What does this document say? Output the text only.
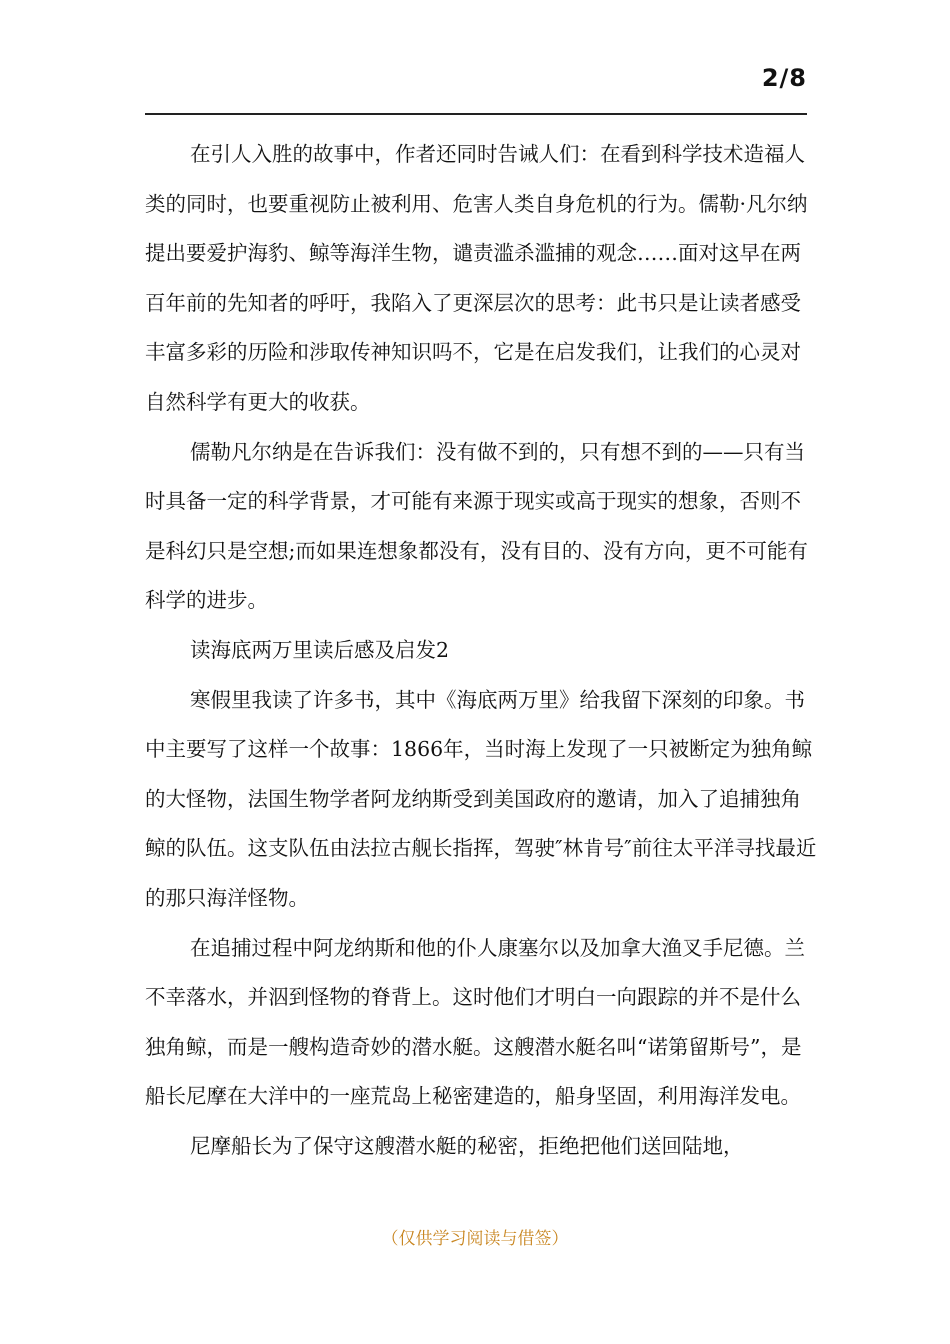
2/8

在引人入胜的故事中，作者还同时告诫人们：在看到科学技术造福人类的同时，也要重视防止被利用、危害人类自身危机的行为。儒勒·凡尔纳提出要爱护海豹、鲸等海洋生物，谴责滥杀滥捕的观念……面对这早在两百年前的先知者的呼吁，我陷入了更深层次的思考：此书只是让读者感受丰富多彩的历险和涉取传神知识吗不，它是在启发我们，让我们的心灵对自然科学有更大的收获。

儒勒凡尔纳是在告诉我们：没有做不到的，只有想不到的——只有当时具备一定的科学背景，才可能有来源于现实或高于现实的想象，否则不是科幻只是空想;而如果连想象都没有，没有目的、没有方向，更不可能有科学的进步。

读海底两万里读后感及启发2

寒假里我读了许多书，其中《海底两万里》给我留下深刻的印象。书中主要写了这样一个故事：1866年，当时海上发现了一只被断定为独角鲸的大怪物，法国生物学者阿龙纳斯受到美国政府的邀请，加入了追捕独角鲸的队伍。这支队伍由法拉古舰长指挥，驾驶″林肯号″前往太平洋寻找最近的那只海洋怪物。

在追捕过程中阿龙纳斯和他的仆人康塞尔以及加拿大渔叉手尼德。兰不幸落水，并泅到怪物的脊背上。这时他们才明白一向跟踪的并不是什么独角鲸，而是一艘构造奇妙的潜水艇。这艘潜水艇名叫“诺第留斯号”，是船长尼摩在大洋中的一座荒岛上秘密建造的，船身坚固，利用海洋发电。

尼摩船长为了保守这艘潜水艇的秘密，拒绝把他们送回陆地，

（仅供学习阅读与借签）
